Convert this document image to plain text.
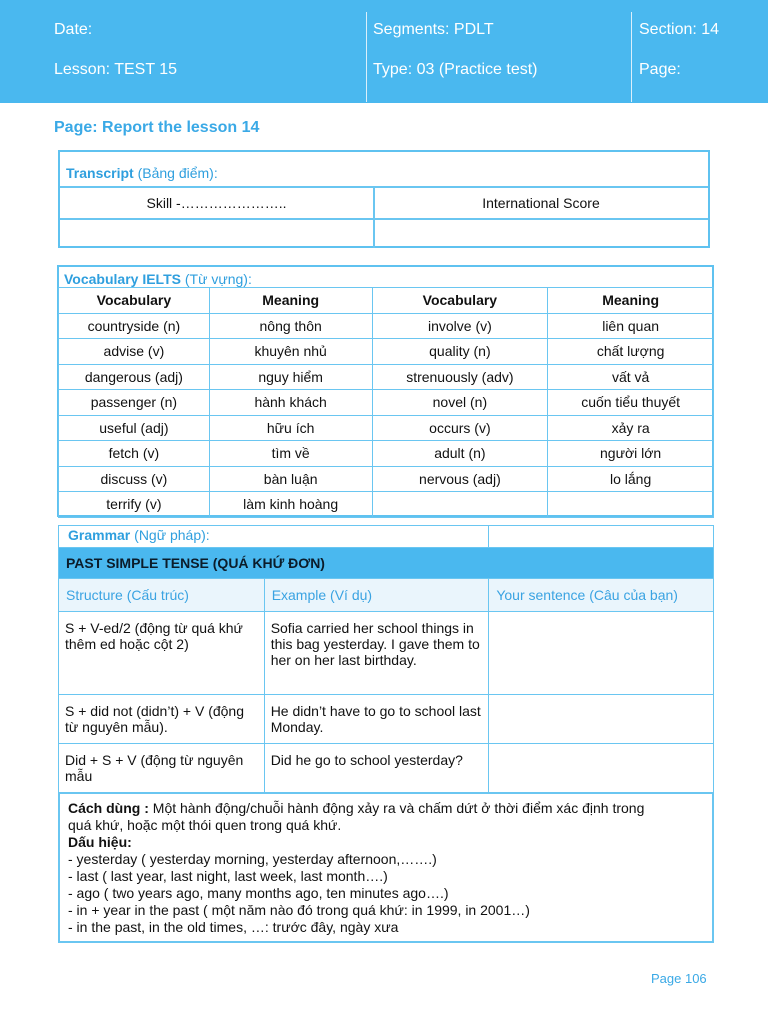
Date:
Lesson: TEST 15
Segments: PDLT
Type: 03 (Practice test)
Section: 14
Page:
Page: Report the lesson 14
Transcript (Bảng điểm):
Skill -…………………..	International Score
Vocabulary IELTS (Từ vựng):
Vocabulary	Meaning	Vocabulary	Meaning
countryside (n)	nông thôn	involve (v)	liên quan
advise (v)	khuyên nhủ	quality (n)	chất lượng
dangerous (adj)	nguy hiểm	strenuously (adv)	vất vả
passenger (n)	hành khách	novel (n)	cuốn tiểu thuyết
useful (adj)	hữu ích	occurs (v)	xảy ra
fetch (v)	tìm về	adult (n)	người lớn
discuss (v)	bàn luận	nervous (adj)	lo lắng
terrify (v)	làm kinh hoàng		
Grammar (Ngữ pháp):		
PAST SIMPLE TENSE (QUÁ KHỨ ĐƠN)		
Structure (Cấu trúc)	Example (Ví dụ)	Your sentence (Câu của bạn)
S + V-ed/2 (động từ quá khứ thêm ed hoặc cột 2)	Sofia carried her school things in this bag yesterday. I gave them to her on her last birthday.	
S + did not (didn’t) + V (động từ nguyên mẫu).	He didn’t have to go to school last Monday.	
Did + S + V (động từ nguyên mẫu	Did he go to school yesterday?	
Cách dùng : Một hành động/chuỗi hành động xảy ra và chấm dứt ở thời điểm xác định trong
quá khứ, hoặc một thói quen trong quá khứ.
Dấu hiệu:
- yesterday ( yesterday morning, yesterday afternoon,…….)
- last ( last year, last night, last week, last month….)
- ago ( two years ago, many months ago, ten minutes ago….)
- in + year in the past ( một năm nào đó trong quá khứ: in 1999, in 2001…)
- in the past, in the old times, …: trước đây, ngày xưa
Page 106
